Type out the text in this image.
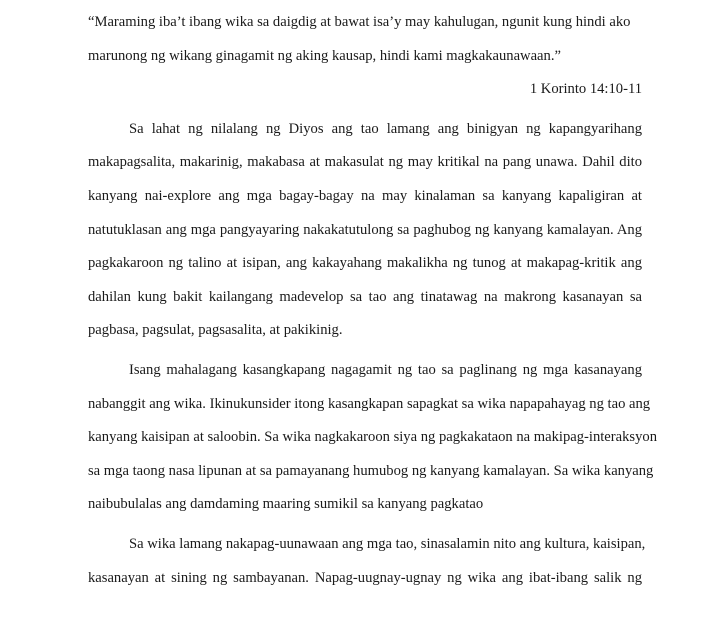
“Maraming iba’t ibang wika sa daigdig at bawat isa’y may kahulugan, ngunit kung hindi ako
marunong ng wikang ginagamit ng aking kausap, hindi kami magkakaunawaan.”
1 Korinto 14:10-11
Sa lahat ng nilalang ng Diyos ang tao lamang ang binigyan ng kapangyarihang
makapagsalita, makarinig, makabasa at makasulat ng may kritikal na pang unawa. Dahil dito
kanyang nai-explore ang mga bagay-bagay na may kinalaman sa kanyang kapaligiran at
natutuklasan ang mga pangyayaring nakakatutulong sa paghubog ng kanyang kamalayan. Ang
pagkakaroon ng talino at isipan, ang kakayahang makalikha ng tunog at makapag-kritik ang
dahilan kung bakit kailangang madevelop sa tao ang tinatawag na makrong kasanayan sa
pagbasa, pagsulat, pagsasalita, at pakikinig.
Isang mahalagang kasangkapang nagagamit ng tao sa paglinang ng mga kasanayang
nabanggit ang wika. Ikinukunsider itong kasangkapan sapagkat sa wika napapahayag ng tao ang
kanyang kaisipan at saloobin. Sa wika nagkakaroon siya ng pagkakataon na makipag-interaksyon
sa mga taong nasa lipunan at sa pamayanang humubog ng kanyang kamalayan. Sa wika kanyang
naibubulalas ang damdaming maaring sumikil sa kanyang pagkatao
Sa wika lamang nakapag-uunawaan ang mga tao, sinasalamin nito ang kultura, kaisipan,
kasanayan at sining ng sambayanan. Napag-uugnay-ugnay ng wika ang ibat-ibang salik ng
